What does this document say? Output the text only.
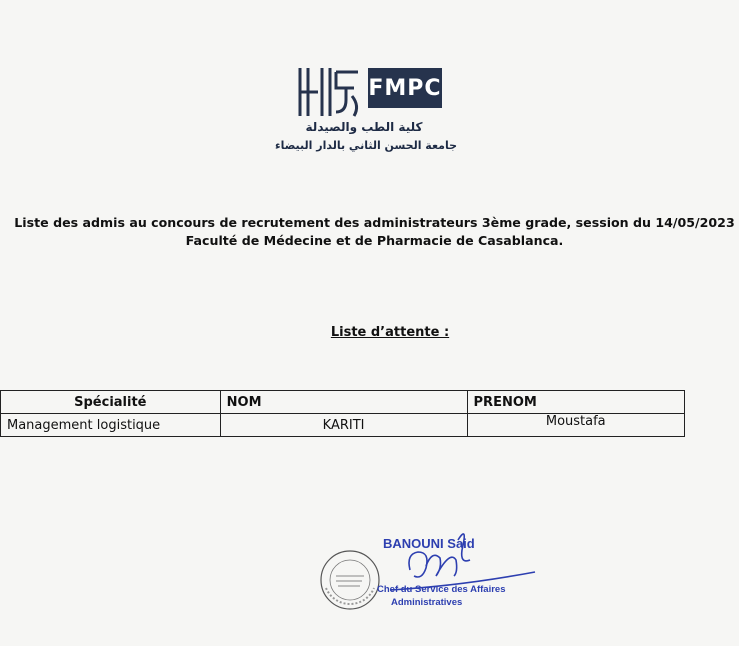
FMPC
كلية الطب والصيدلة
جامعة الحسن الثاني بالدار البيضاء
Liste des admis au concours de recrutement des administrateurs 3ème grade, session du 14/05/2023
Faculté de Médecine et de Pharmacie de Casablanca.
Liste d’attente :
Spécialité	NOM	PRENOM
Management logistique	KARITI	Moustafa
BANOUNI Said
Chef du Service des Affaires
Administratives
